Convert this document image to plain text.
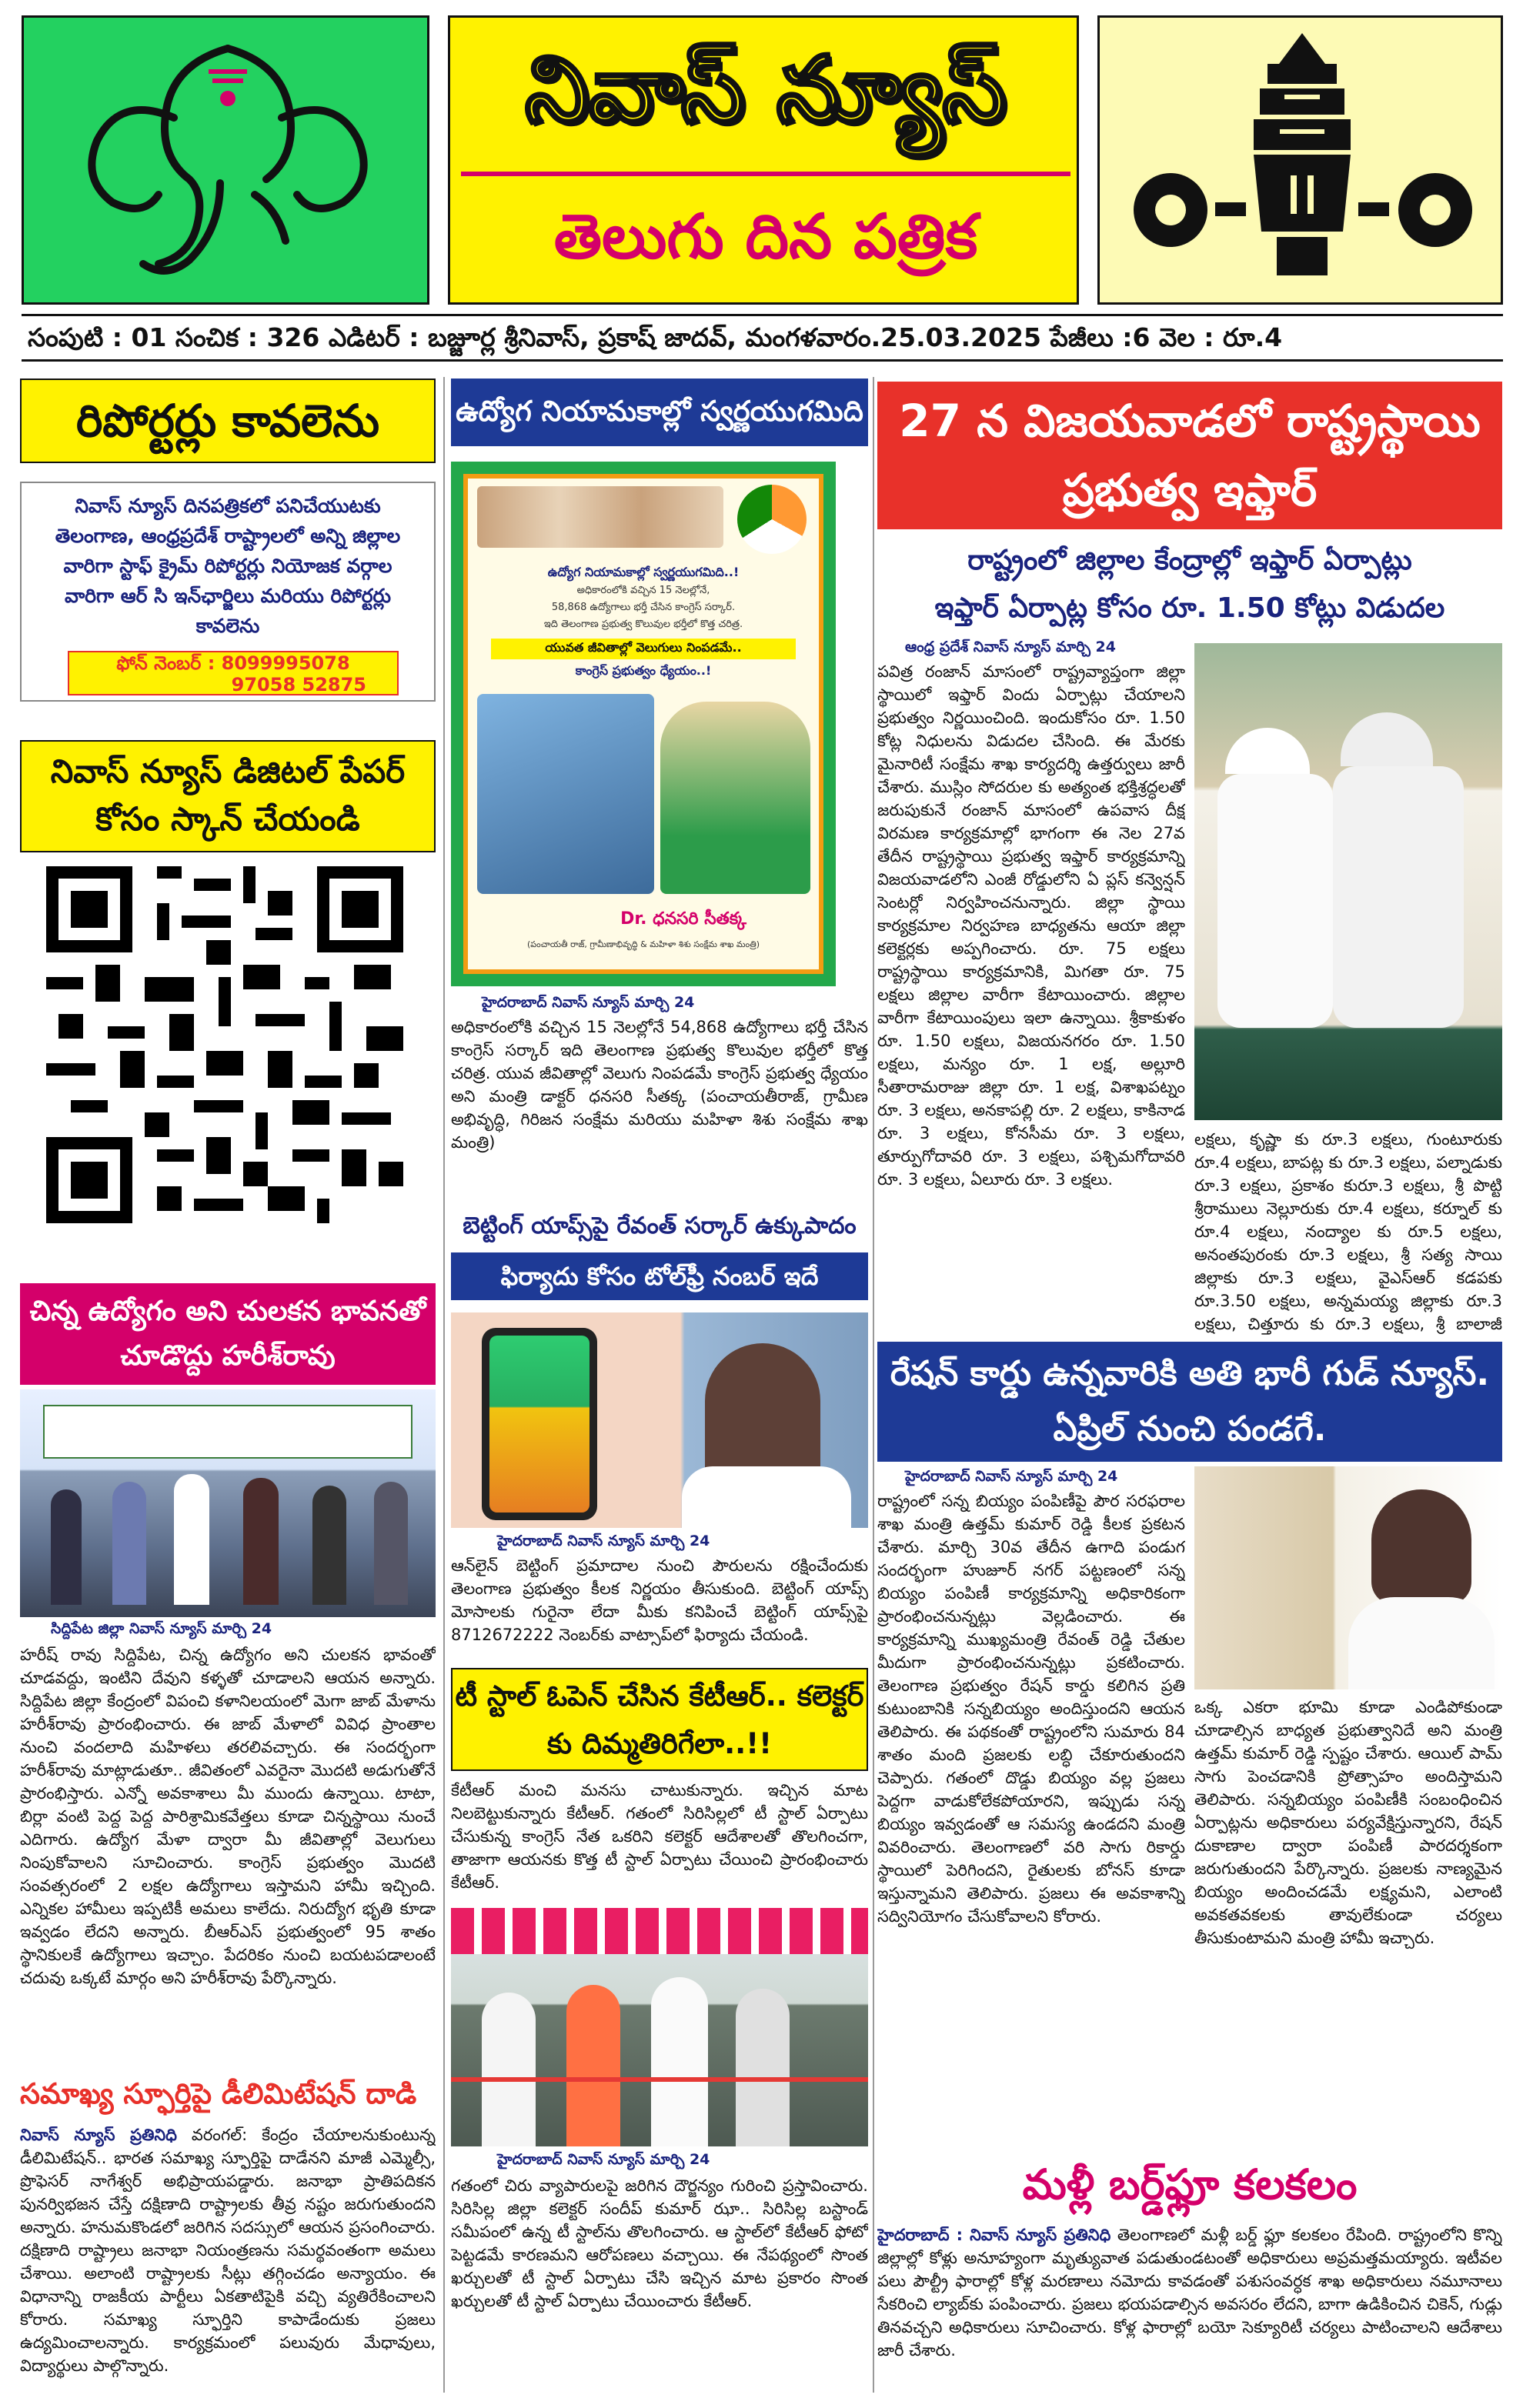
నివాస్ న్యూస్
తెలుగు దిన పత్రిక
సంపుటి : 01 సంచిక : 326 ఎడిటర్ : బజ్జూర్ల శ్రీనివాస్, ప్రకాష్ జాదవ్, మంగళవారం.25.03.2025 పేజీలు :6 వెల : రూ.4
రిపోర్టర్లు కావలెను
నివాస్ న్యూస్ దినపత్రికలో పనిచేయుటకు తెలంగాణ, ఆంధ్రప్రదేశ్ రాష్ట్రాలలో అన్ని జిల్లాల వారిగా స్టాఫ్ క్రైమ్ రిపోర్టర్లు నియోజక వర్గాల వారిగా ఆర్ సి ఇన్‌ఛార్జిలు మరియు రిపోర్టర్లు కావలెను
ఫోన్ నెంబర్ : 8099995078
97058 52875
నివాస్ న్యూస్ డిజిటల్ పేపర్ కోసం స్కాన్ చేయండి
చిన్న ఉద్యోగం అని చులకన భావనతో చూడొద్దు హరీశ్‌రావు
సిద్దిపేట జిల్లా నివాస్ న్యూస్ మార్చి 24
హరీష్ రావు సిద్దిపేట, చిన్న ఉద్యోగం అని చులకన భావంతో చూడవద్దు, ఇంటిని దేవుని కళ్ళతో చూడాలని ఆయన అన్నారు. సిద్దిపేట జిల్లా కేంద్రంలో విపంచి కళానిలయంలో మెగా జాబ్ మేళాను హరీశ్‌రావు ప్రారంభించారు. ఈ జాబ్ మేళాలో వివిధ ప్రాంతాల నుంచి వందలాది మహిళలు తరలివచ్చారు. ఈ సందర్భంగా హరీశ్‌రావు మాట్లాడుతూ.. జీవితంలో ఎవరైనా మొదటి అడుగుతోనే ప్రారంభిస్తారు. ఎన్నో అవకాశాలు మీ ముందు ఉన్నాయి. టాటా, బిర్లా వంటి పెద్ద పెద్ద పారిశ్రామికవేత్తలు కూడా చిన్నస్థాయి నుంచే ఎదిగారు. ఉద్యోగ మేళా ద్వారా మీ జీవితాల్లో వెలుగులు నింపుకోవాలని సూచించారు. కాంగ్రెస్ ప్రభుత్వం మొదటి సంవత్సరంలో 2 లక్షల ఉద్యోగాలు ఇస్తామని హామీ ఇచ్చింది. ఎన్నికల హామీలు ఇప్పటికీ అమలు కాలేదు. నిరుద్యోగ భృతి కూడా ఇవ్వడం లేదని అన్నారు. బీఆర్ఎస్ ప్రభుత్వంలో 95 శాతం స్థానికులకే ఉద్యోగాలు ఇచ్చాం. పేదరికం నుంచి బయటపడాలంటే చదువు ఒక్కటే మార్గం అని హరీశ్‌రావు పేర్కొన్నారు.
సమాఖ్య స్ఫూర్తిపై డీలిమిటేషన్ దాడి
నివాస్ న్యూస్ ప్రతినిధి వరంగల్: కేంద్రం చేయాలనుకుంటున్న డీలిమిటేషన్.. భారత సమాఖ్య స్ఫూర్తిపై దాడేనని మాజీ ఎమ్మెల్సీ, ప్రొఫెసర్ నాగేశ్వర్ అభిప్రాయపడ్డారు. జనాభా ప్రాతిపదికన పునర్విభజన చేస్తే దక్షిణాది రాష్ట్రాలకు తీవ్ర నష్టం జరుగుతుందని అన్నారు. హనుమకొండలో జరిగిన సదస్సులో ఆయన ప్రసంగించారు. దక్షిణాది రాష్ట్రాలు జనాభా నియంత్రణను సమర్థవంతంగా అమలు చేశాయి. అలాంటి రాష్ట్రాలకు సీట్లు తగ్గించడం అన్యాయం. ఈ విధానాన్ని రాజకీయ పార్టీలు ఏకతాటిపైకి వచ్చి వ్యతిరేకించాలని కోరారు. సమాఖ్య స్ఫూర్తిని కాపాడేందుకు ప్రజలు ఉద్యమించాలన్నారు. కార్యక్రమంలో పలువురు మేధావులు, విద్యార్థులు పాల్గొన్నారు.
ఉద్యోగ నియామకాల్లో స్వర్ణయుగమిది
ఉద్యోగ నియామకాల్లో స్వర్ణయుగమిది..!
అధికారంలోకి వచ్చిన 15 నెలల్లోనే,
58,868 ఉద్యోగాలు భర్తీ చేసిన కాంగ్రెస్ సర్కార్.
ఇది తెలంగాణ ప్రభుత్వ కొలువుల భర్తీలో కొత్త చరిత్ర.
యువత జీవితాల్లో వెలుగులు నింపడమే..
కాంగ్రెస్ ప్రభుత్వం ధ్యేయం..!
Dr. ధనసరి సీతక్క
(పంచాయతీ రాజ్, గ్రామీణాభివృద్ధి & మహిళా శిశు సంక్షేమ శాఖ మంత్రి)
హైదరాబాద్ నివాస్ న్యూస్ మార్చి 24
అధికారంలోకి వచ్చిన 15 నెలల్లోనే 54,868 ఉద్యోగాలు భర్తీ చేసిన కాంగ్రెస్ సర్కార్ ఇది తెలంగాణ ప్రభుత్వ కొలువుల భర్తీలో కొత్త చరిత్ర. యువ జీవితాల్లో వెలుగు నింపడమే కాంగ్రెస్ ప్రభుత్వ ధ్యేయం అని మంత్రి డాక్టర్ ధనసరి సీతక్క (పంచాయతీరాజ్, గ్రామీణ అభివృద్ధి, గిరిజన సంక్షేమ మరియు మహిళా శిశు సంక్షేమ శాఖ మంత్రి)
బెట్టింగ్ యాప్స్‌పై రేవంత్ సర్కార్ ఉక్కుపాదం
ఫిర్యాదు కోసం టోల్‌ఫ్రీ నంబర్ ఇదే
హైదరాబాద్ నివాస్ న్యూస్ మార్చి 24
ఆన్‌లైన్ బెట్టింగ్ ప్రమాదాల నుంచి పౌరులను రక్షించేందుకు తెలంగాణ ప్రభుత్వం కీలక నిర్ణయం తీసుకుంది. బెట్టింగ్ యాప్స్ మోసాలకు గురైనా లేదా మీకు కనిపించే బెట్టింగ్ యాప్స్‌పై 8712672222 నెంబర్‌కు వాట్సాప్‌లో ఫిర్యాదు చేయండి.
టీ స్టాల్ ఓపెన్ చేసిన కేటీఆర్.. కలెక్టర్ కు దిమ్మతిరిగేలా..!!
కేటీఆర్ మంచి మనసు చాటుకున్నారు. ఇచ్చిన మాట నిలబెట్టుకున్నారు కేటీఆర్. గతంలో సిరిసిల్లలో టీ స్టాల్ ఏర్పాటు చేసుకున్న కాంగ్రెస్ నేత ఒకరిని కలెక్టర్ ఆదేశాలతో తొలగించగా, తాజాగా ఆయనకు కొత్త టీ స్టాల్ ఏర్పాటు చేయించి ప్రారంభించారు కేటీఆర్.
హైదరాబాద్ నివాస్ న్యూస్ మార్చి 24
గతంలో చిరు వ్యాపారులపై జరిగిన దౌర్జన్యం గురించి ప్రస్తావించారు. సిరిసిల్ల జిల్లా కలెక్టర్ సందీప్ కుమార్ ఝా.. సిరిసిల్ల బస్టాండ్ సమీపంలో ఉన్న టీ స్టాల్‌ను తొలగించారు. ఆ స్టాల్‌లో కేటీఆర్ ఫోటో పెట్టడమే కారణమని ఆరోపణలు వచ్చాయి. ఈ నేపథ్యంలో సొంత ఖర్చులతో టీ స్టాల్ ఏర్పాటు చేసి ఇచ్చిన మాట ప్రకారం సొంత ఖర్చులతో టీ స్టాల్ ఏర్పాటు చేయించారు కేటీఆర్.
27 న విజయవాడలో రాష్ట్రస్థాయి ప్రభుత్వ ఇఫ్తార్
రాష్ట్రంలో జిల్లాల కేంద్రాల్లో ఇఫ్తార్ ఏర్పాట్లు
ఇఫ్తార్ ఏర్పాట్ల కోసం రూ. 1.50 కోట్లు విడుదల
ఆంధ్ర ప్రదేశ్ నివాస్ న్యూస్ మార్చి 24
పవిత్ర రంజాన్ మాసంలో రాష్ట్రవ్యాప్తంగా జిల్లా స్థాయిలో ఇఫ్తార్ విందు ఏర్పాట్లు చేయాలని ప్రభుత్వం నిర్ణయించింది. ఇందుకోసం రూ. 1.50 కోట్ల నిధులను విడుదల చేసింది. ఈ మేరకు మైనారిటీ సంక్షేమ శాఖ కార్యదర్శి ఉత్తర్వులు జారీ చేశారు. ముస్లిం సోదరుల కు అత్యంత భక్తిశ్రద్ధలతో జరుపుకునే రంజాన్ మాసంలో ఉపవాస దీక్ష విరమణ కార్యక్రమాల్లో భాగంగా ఈ నెల 27వ తేదీన రాష్ట్రస్థాయి ప్రభుత్వ ఇఫ్తార్ కార్యక్రమాన్ని విజయవాడలోని ఎంజీ రోడ్డులోని ఏ ప్లస్ కన్వెన్షన్ సెంటర్లో నిర్వహించనున్నారు. జిల్లా స్థాయి కార్యక్రమాల నిర్వహణ బాధ్యతను ఆయా జిల్లా కలెక్టర్లకు అప్పగించారు. రూ. 75 లక్షలు రాష్ట్రస్థాయి కార్యక్రమానికి, మిగతా రూ. 75 లక్షలు జిల్లాల వారీగా కేటాయించారు. జిల్లాల వారీగా కేటాయింపులు ఇలా ఉన్నాయి. శ్రీకాకుళం రూ. 1.50 లక్షలు, విజయనగరం రూ. 1.50 లక్షలు, మన్యం రూ. 1 లక్ష, అల్లూరి సీతారామరాజు జిల్లా రూ. 1 లక్ష, విశాఖపట్నం రూ. 3 లక్షలు, అనకాపల్లి రూ. 2 లక్షలు, కాకినాడ రూ. 3 లక్షలు, కోనసీమ రూ. 3 లక్షలు, తూర్పుగోదావరి రూ. 3 లక్షలు, పశ్చిమగోదావరి రూ. 3 లక్షలు, ఏలూరు రూ. 3 లక్షలు.
లక్షలు, కృష్ణా కు రూ.3 లక్షలు, గుంటూరుకు రూ.4 లక్షలు, బాపట్ల కు రూ.3 లక్షలు, పల్నాడుకు రూ.3 లక్షలు, ప్రకాశం కురూ.3 లక్షలు, శ్రీ పొట్టి శ్రీరాములు నెల్లూరుకు రూ.4 లక్షలు, కర్నూల్ కు రూ.4 లక్షలు, నంద్యాల కు రూ.5 లక్షలు, అనంతపురంకు రూ.3 లక్షలు, శ్రీ సత్య సాయి జిల్లాకు రూ.3 లక్షలు, వైఎస్ఆర్ కడపకు రూ.3.50 లక్షలు, అన్నమయ్య జిల్లాకు రూ.3 లక్షలు, చిత్తూరు కు రూ.3 లక్షలు, శ్రీ బాలాజీ
రేషన్ కార్డు ఉన్నవారికి అతి భారీ గుడ్ న్యూస్. ఏప్రిల్ నుంచి పండగే.
హైదరాబాద్ నివాస్ న్యూస్ మార్చి 24
రాష్ట్రంలో సన్న బియ్యం పంపిణీపై పౌర సరఫరాల శాఖ మంత్రి ఉత్తమ్ కుమార్ రెడ్డి కీలక ప్రకటన చేశారు. మార్చి 30వ తేదీన ఉగాది పండుగ సందర్భంగా హుజూర్ నగర్ పట్టణంలో సన్న బియ్యం పంపిణీ కార్యక్రమాన్ని అధికారికంగా ప్రారంభించనున్నట్లు వెల్లడించారు. ఈ కార్యక్రమాన్ని ముఖ్యమంత్రి రేవంత్ రెడ్డి చేతుల మీదుగా ప్రారంభించనున్నట్లు ప్రకటించారు. తెలంగాణ ప్రభుత్వం రేషన్ కార్డు కలిగిన ప్రతి కుటుంబానికి సన్నబియ్యం అందిస్తుందని ఆయన తెలిపారు. ఈ పథకంతో రాష్ట్రంలోని సుమారు 84 శాతం మంది ప్రజలకు లబ్ధి చేకూరుతుందని చెప్పారు. గతంలో దొడ్డు బియ్యం వల్ల ప్రజలు పెద్దగా వాడుకోలేకపోయారని, ఇప్పుడు సన్న బియ్యం ఇవ్వడంతో ఆ సమస్య ఉండదని మంత్రి వివరించారు. తెలంగాణలో వరి సాగు రికార్డు స్థాయిలో పెరిగిందని, రైతులకు బోనస్ కూడా ఇస్తున్నామని తెలిపారు. ప్రజలు ఈ అవకాశాన్ని సద్వినియోగం చేసుకోవాలని కోరారు.
ఒక్క ఎకరా భూమి కూడా ఎండిపోకుండా చూడాల్సిన బాధ్యత ప్రభుత్వానిదే అని మంత్రి ఉత్తమ్ కుమార్ రెడ్డి స్పష్టం చేశారు. ఆయిల్ పామ్ సాగు పెంచడానికి ప్రోత్సాహం అందిస్తామని తెలిపారు. సన్నబియ్యం పంపిణీకి సంబంధించిన ఏర్పాట్లను అధికారులు పర్యవేక్షిస్తున్నారని, రేషన్ దుకాణాల ద్వారా పంపిణీ పారదర్శకంగా జరుగుతుందని పేర్కొన్నారు. ప్రజలకు నాణ్యమైన బియ్యం అందించడమే లక్ష్యమని, ఎలాంటి అవకతవకలకు తావులేకుండా చర్యలు తీసుకుంటామని మంత్రి హామీ ఇచ్చారు.
మళ్లీ బర్డ్‌ఫ్లూ కలకలం
హైదరాబాద్ : నివాస్ న్యూస్ ప్రతినిధి తెలంగాణలో మళ్లీ బర్డ్ ఫ్లూ కలకలం రేపింది. రాష్ట్రంలోని కొన్ని జిల్లాల్లో కోళ్లు అనూహ్యంగా మృత్యువాత పడుతుండటంతో అధికారులు అప్రమత్తమయ్యారు. ఇటీవల పలు పౌల్ట్రీ ఫారాల్లో కోళ్ల మరణాలు నమోదు కావడంతో పశుసంవర్ధక శాఖ అధికారులు నమూనాలు సేకరించి ల్యాబ్‌కు పంపించారు. ప్రజలు భయపడాల్సిన అవసరం లేదని, బాగా ఉడికించిన చికెన్, గుడ్లు తినవచ్చని అధికారులు సూచించారు. కోళ్ల ఫారాల్లో బయో సెక్యూరిటీ చర్యలు పాటించాలని ఆదేశాలు జారీ చేశారు.
